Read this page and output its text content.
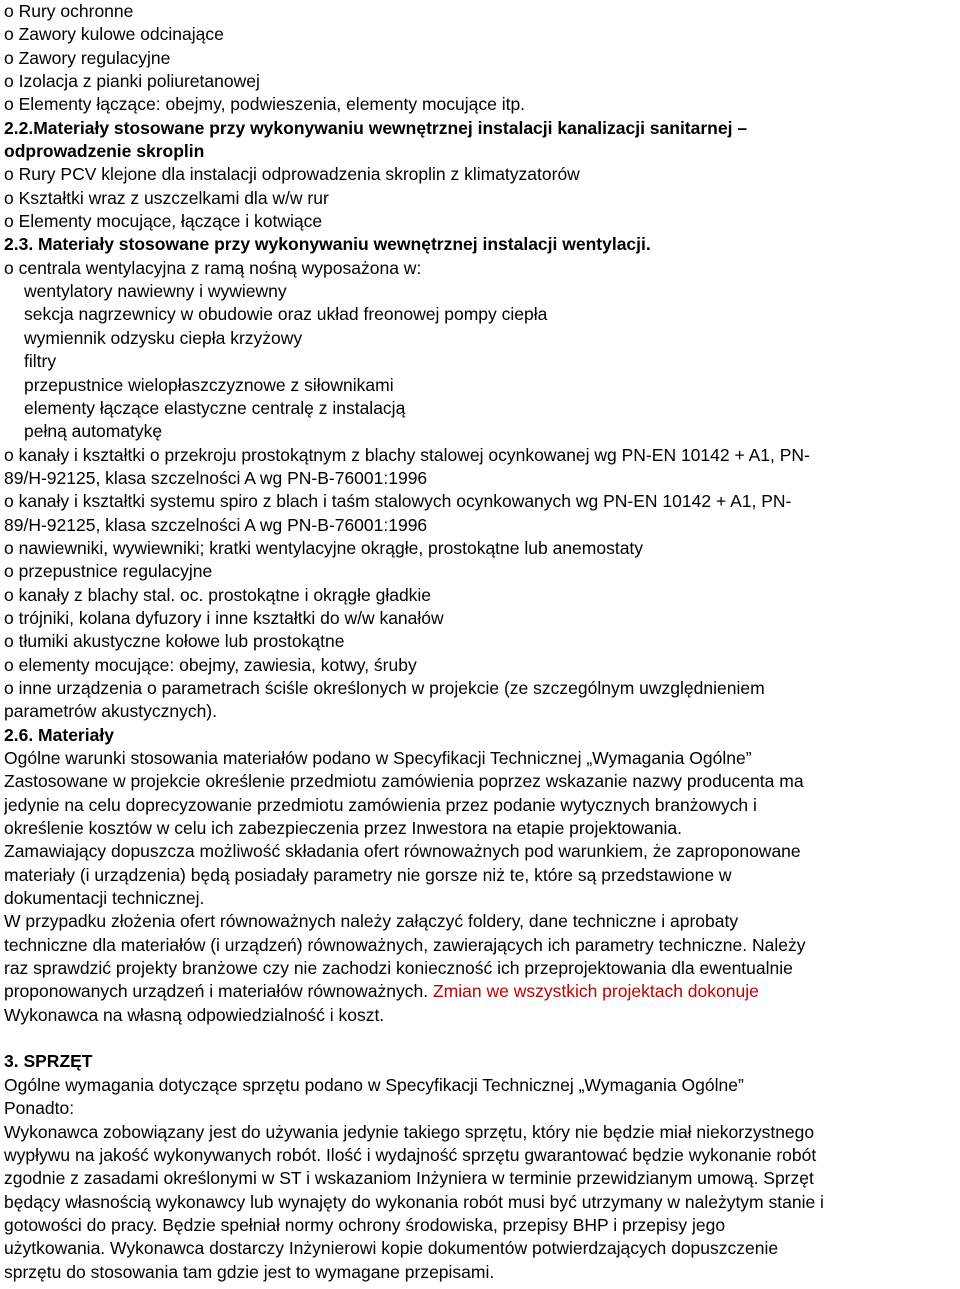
o Rury ochronne
o Zawory kulowe odcinające
o Zawory regulacyjne
o Izolacja z pianki poliuretanowej
o Elementy łączące: obejmy, podwieszenia, elementy mocujące itp.
2.2.Materiały stosowane przy wykonywaniu wewnętrznej instalacji kanalizacji sanitarnej –
odprowadzenie skroplin
o Rury PCV klejone dla instalacji odprowadzenia skroplin z klimatyzatorów
o Kształtki wraz z uszczelkami dla w/w rur
o Elementy mocujące, łączące i kotwiące
2.3. Materiały stosowane przy wykonywaniu wewnętrznej instalacji wentylacji.
o centrala wentylacyjna z ramą nośną wyposażona w:
wentylatory nawiewny i wywiewny
sekcja nagrzewnicy w obudowie oraz układ freonowej pompy ciepła
wymiennik odzysku ciepła krzyżowy
filtry
przepustnice wielopłaszczyznowe z siłownikami
elementy łączące elastyczne centralę z instalacją
pełną automatykę
o kanały i kształtki o przekroju prostokątnym z blachy stalowej ocynkowanej wg PN-EN 10142 + A1, PN-
89/H-92125, klasa szczelności A wg PN-B-76001:1996
o kanały i kształtki systemu spiro z blach i taśm stalowych ocynkowanych wg PN-EN 10142 + A1, PN-
89/H-92125, klasa szczelności A wg PN-B-76001:1996
o nawiewniki, wywiewniki; kratki wentylacyjne okrągłe, prostokątne lub anemostaty
o przepustnice regulacyjne
o kanały z blachy stal. oc. prostokątne i okrągłe gładkie
o trójniki, kolana dyfuzory i inne kształtki do w/w kanałów
o tłumiki akustyczne kołowe lub prostokątne
o elementy mocujące: obejmy, zawiesia, kotwy, śruby
o inne urządzenia o parametrach ściśle określonych w projekcie (ze szczególnym uwzględnieniem
parametrów akustycznych).
2.6. Materiały
Ogólne warunki stosowania materiałów podano w Specyfikacji Technicznej „Wymagania Ogólne”
Zastosowane w projekcie określenie przedmiotu zamówienia poprzez wskazanie nazwy producenta ma
jedynie na celu doprecyzowanie przedmiotu zamówienia przez podanie wytycznych branżowych i
określenie kosztów w celu ich zabezpieczenia przez Inwestora na etapie projektowania.
Zamawiający dopuszcza możliwość składania ofert równoważnych pod warunkiem, że zaproponowane
materiały (i urządzenia) będą posiadały parametry nie gorsze niż te, które są przedstawione w
dokumentacji technicznej.
W przypadku złożenia ofert równoważnych należy załączyć foldery, dane techniczne i aprobaty
techniczne dla materiałów (i urządzeń) równoważnych, zawierających ich parametry techniczne. Należy
raz sprawdzić projekty branżowe czy nie zachodzi konieczność ich przeprojektowania dla ewentualnie
proponowanych urządzeń i materiałów równoważnych. Zmian we wszystkich projektach dokonuje
Wykonawca na własną odpowiedzialność i koszt.
3. SPRZĘT
Ogólne wymagania dotyczące sprzętu podano w Specyfikacji Technicznej „Wymagania Ogólne”
Ponadto:
Wykonawca zobowiązany jest do używania jedynie takiego sprzętu, który nie będzie miał niekorzystnego
wypływu na jakość wykonywanych robót. Ilość i wydajność sprzętu gwarantować będzie wykonanie robót
zgodnie z zasadami określonymi w ST i wskazaniom Inżyniera w terminie przewidzianym umową. Sprzęt
będący własnością wykonawcy lub wynajęty do wykonania robót musi być utrzymany w należytym stanie i
gotowości do pracy. Będzie spełniał normy ochrony środowiska, przepisy BHP i przepisy jego
użytkowania. Wykonawca dostarczy Inżynierowi kopie dokumentów potwierdzających dopuszczenie
sprzętu do stosowania tam gdzie jest to wymagane przepisami.
